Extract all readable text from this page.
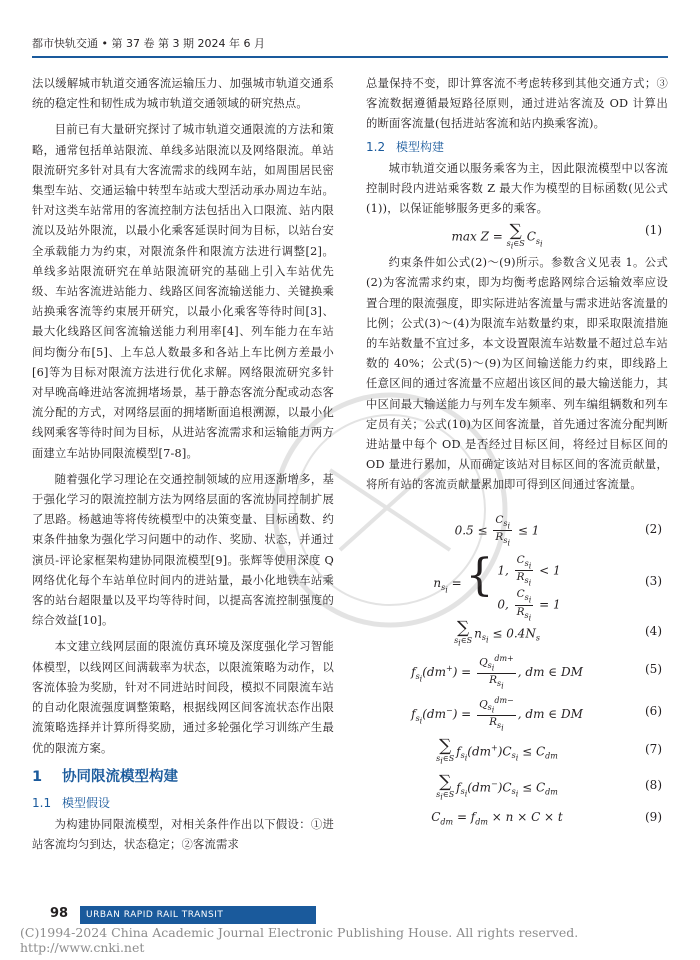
都市快轨交通 • 第 37 卷 第 3 期 2024 年 6 月

法以缓解城市轨道交通客流运输压力、加强城市轨道交通系统的稳定性和韧性成为城市轨道交通领域的研究热点。

目前已有大量研究探讨了城市轨道交通限流的方法和策略，通常包括单站限流、单线多站限流以及网络限流。单站限流研究多针对具有大客流需求的线网车站，如周围居民密集型车站、交通运输中转型车站或大型活动承办周边车站。针对这类车站常用的客流控制方法包括出入口限流、站内限流以及站外限流，以最小化乘客延误时间为目标，以站台安全承载能力为约束，对限流条件和限流方法进行调整[2]。单线多站限流研究在单站限流研究的基础上引入车站优先级、车站客流进站能力、线路区间客流输送能力、关键换乘站换乘客流等约束展开研究，以最小化乘客等待时间[3]、最大化线路区间客流输送能力利用率[4]、列车能力在车站间均衡分布[5]、上车总人数最多和各站上车比例方差最小[6]等为目标对限流方法进行优化求解。网络限流研究多针对早晚高峰进站客流拥堵场景，基于静态客流分配或动态客流分配的方式，对网络层面的拥堵断面追根溯源，以最小化线网乘客等待时间为目标，从进站客流需求和运输能力两方面建立车站协同限流模型[7-8]。

随着强化学习理论在交通控制领域的应用逐渐增多，基于强化学习的限流控制方法为网络层面的客流协同控制扩展了思路。杨越迪等将传统模型中的决策变量、目标函数、约束条件抽象为强化学习问题中的动作、奖励、状态，并通过演员-评论家框架构建协同限流模型[9]。张辉等使用深度 Q 网络优化每个车站单位时间内的进站量，最小化地铁车站乘客的站台超限量以及平均等待时间，以提高客流控制强度的综合效益[10]。

本文建立线网层面的限流仿真环境及深度强化学习智能体模型，以线网区间满载率为状态，以限流策略为动作，以客流体验为奖励，针对不同进站时间段，模拟不同限流车站的自动化限流强度调整策略，根据线网区间客流状态作出限流策略选择并计算所得奖励，通过多轮强化学习训练产生最优的限流方案。

1 协同限流模型构建
1.1 模型假设

为构建协同限流模型，对相关条件作出以下假设：①进站客流均匀到达，状态稳定；②客流需求

总量保持不变，即计算客流不考虑转移到其他交通方式；③客流数据遵循最短路径原则，通过进站客流及 OD 计算出的断面客流量(包括进站客流和站内换乘客流)。

1.2 模型构建

城市轨道交通以服务乘客为主，因此限流模型中以客流控制时段内进站乘客数 Z 最大作为模型的目标函数(见公式(1))，以保证能够服务更多的乘客。

max Z = ∑
$s_i\in S$
$C_{s_i}$
(1)

约束条件如公式(2)～(9)所示。参数含义见表 1。公式(2)为客流需求约束，即为均衡考虑路网综合运输效率应设置合理的限流强度，即实际进站客流量与需求进站客流量的比例；公式(3)～(4)为限流车站数量约束，即采取限流措施的车站数量不宜过多，本文设置限流车站数量不超过总车站数的 40%；公式(5)～(9)为区间输送能力约束，即线路上任意区间的通过客流量不应超出该区间的最大输送能力，其中区间最大输送能力与列车发车频率、列车编组辆数和列车定员有关；公式(10)为区间客流量，首先通过客流分配判断进站量中每个 OD 是否经过目标区间，将经过目标区间的 OD 量进行累加，从而确定该站对目标区间的客流贡献量，将所有站的客流贡献量累加即可得到区间通过客流量。

$0.5 \le \frac{C_{s_i}}{R_{s_i}} \le 1$	(2)
$n_{s_i}$ = { 1, $\frac{C_{s_i}}{R_{s_i}} < 1$
0, $\frac{C_{s_i}}{R_{s_i}} = 1$
(3)
∑
$s_i\in S$
$n_{s_i} \le 0.4N_s$
(4)
$f_{s_i}(dm^+) = \frac{Q_{s_i}^{dm+}}{R_{s_i}}$ , dm ∈ DM	(5)
$f_{s_i}(dm^-) = \frac{Q_{s_i}^{dm-}}{R_{s_i}}$ , dm ∈ DM	(6)
∑
$s_i\in S$
$f_{s_i}(dm^+)C_{s_i} \le C_{dm}$
(7)
∑
$s_i\in S$
$f_{s_i}(dm^-)C_{s_i} \le C_{dm}$
(8)
$C_{dm} = f_{dm} \times n \times C \times t$	(9)
98	URBAN RAPID RAIL TRANSIT
(C)1994-2024 China Academic Journal Electronic Publishing House. All rights reserved. http://www.cnki.net
